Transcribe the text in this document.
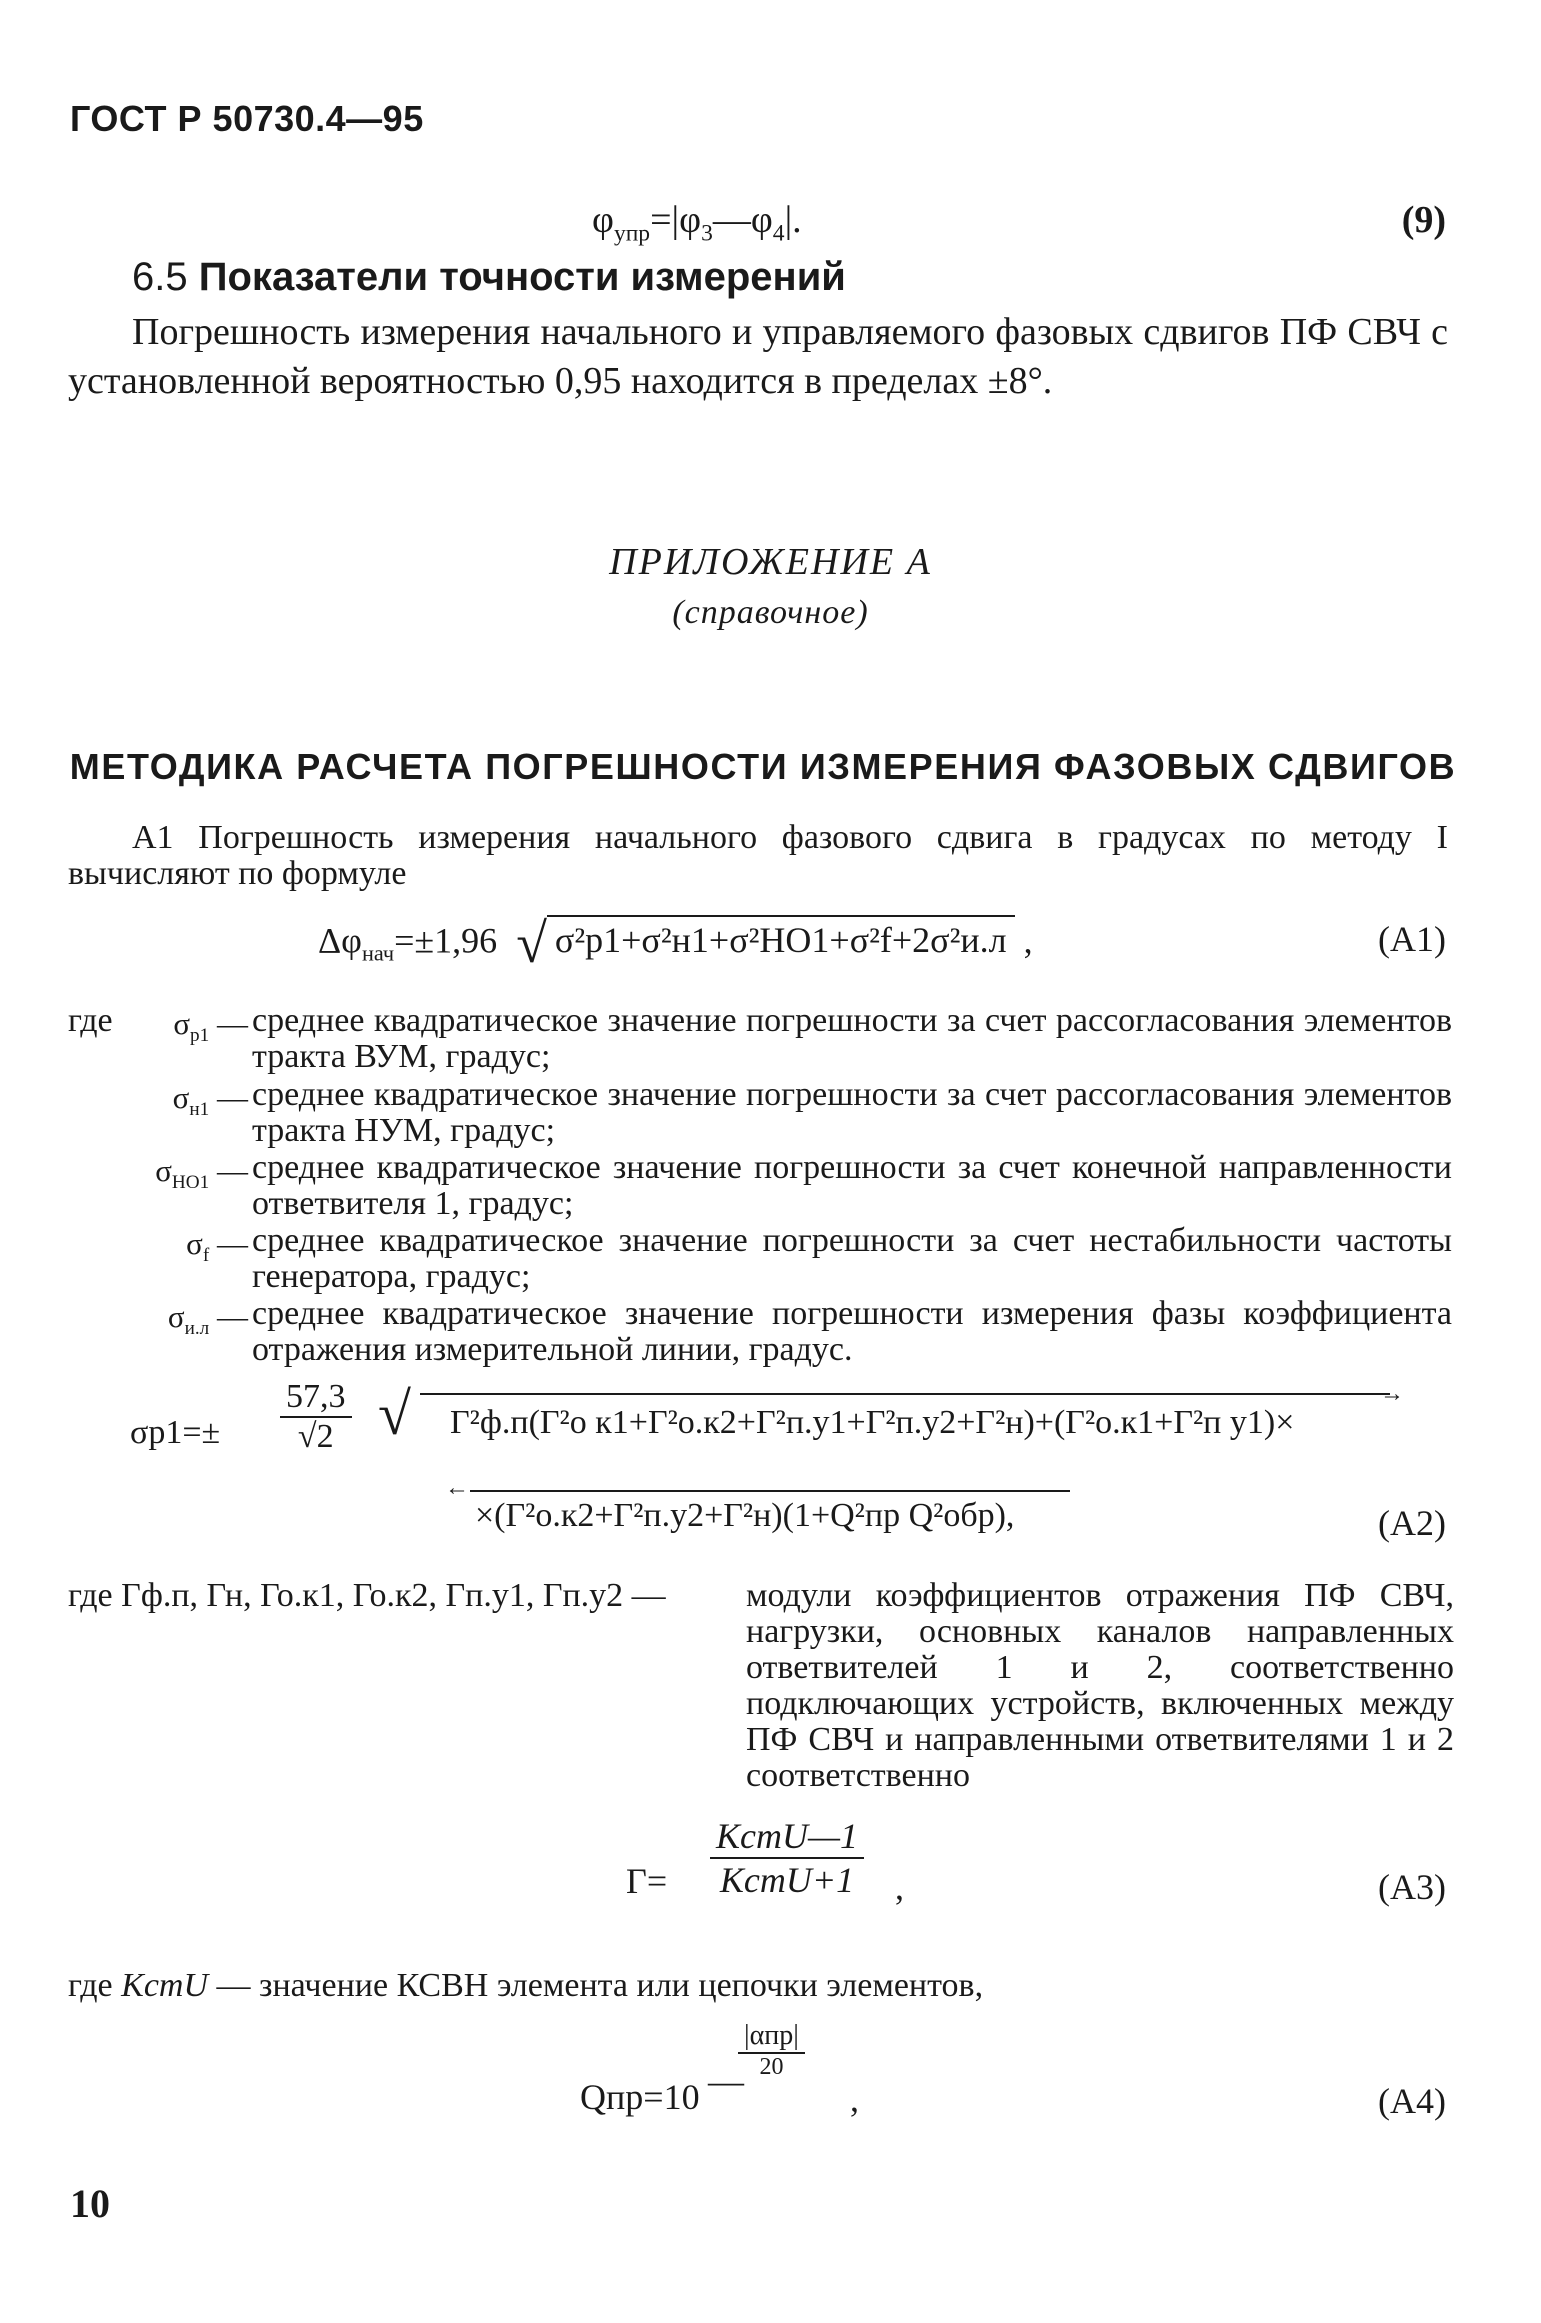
ГОСТ Р 50730.4—95
$\varphi_{упр}=|\varphi_3—\varphi_4|$.	(9)
6.5 Показатели точности измерений
Погрешность измерения начального и управляемого фазовых сдвигов ПФ СВЧ с установленной вероятностью 0,95 находится в пределах ±8°.
ПРИЛОЖЕНИЕ А
(справочное)
МЕТОДИКА РАСЧЕТА ПОГРЕШНОСТИ ИЗМЕРЕНИЯ ФАЗОВЫХ СДВИГОВ
А1 Погрешность измерения начального фазового сдвига в градусах по методу I вычисляют по формуле
$\Delta\varphi_{нач}=\pm 1,96$ √ σ²р1+σ²н1+σ²НО1+σ²f+2σ²и.л ,	(А1)
где	$\sigma_{р1}$ — среднее квадратическое значение погрешности за счет рассогласования элементов тракта ВУМ, градус;
$\sigma_{н1}$ — среднее квадратическое значение погрешности за счет рассогласования элементов тракта НУМ, градус;
$\sigma_{НО1}$ — среднее квадратическое значение погрешности за счет конечной направленности ответвителя 1, градус;
$\sigma_f$ — среднее квадратическое значение погрешности за счет нестабильности частоты генератора, градус;
$\sigma_{и.л}$ — среднее квадратическое значение погрешности измерения фазы коэффициента отражения измерительной линии, градус.
$\sigma р1=\pm \frac{57,3}{√2}$ √	→
Г²ф.п(Г²о к1+Г²о.к2+Г²п.у1+Г²п.у2+Г²н)+(Г²о.к1+Г²п у1)×
←
×(Г²о.к2+Г²п.у2+Г²н)(1+Q²пр Q²обр),	(А2)
где Гф.п, Гн, Го.к1, Го.к2, Гп.у1, Гп.у2 — модули коэффициентов отражения ПФ СВЧ, нагрузки, основных каналов направленных ответвителей 1 и 2, соответственно подключающих устройств, включенных между ПФ СВЧ и направленными ответвителями 1 и 2 соответственно
$Г= \frac{\text{KстU—1}}{\text{KстU+1}}$ ,	(А3)
где KстU — значение КСВН элемента или цепочки элементов,
Qпр=10 —
$\frac{\text{|αпр|}}{20}$
,	(А4)
10
